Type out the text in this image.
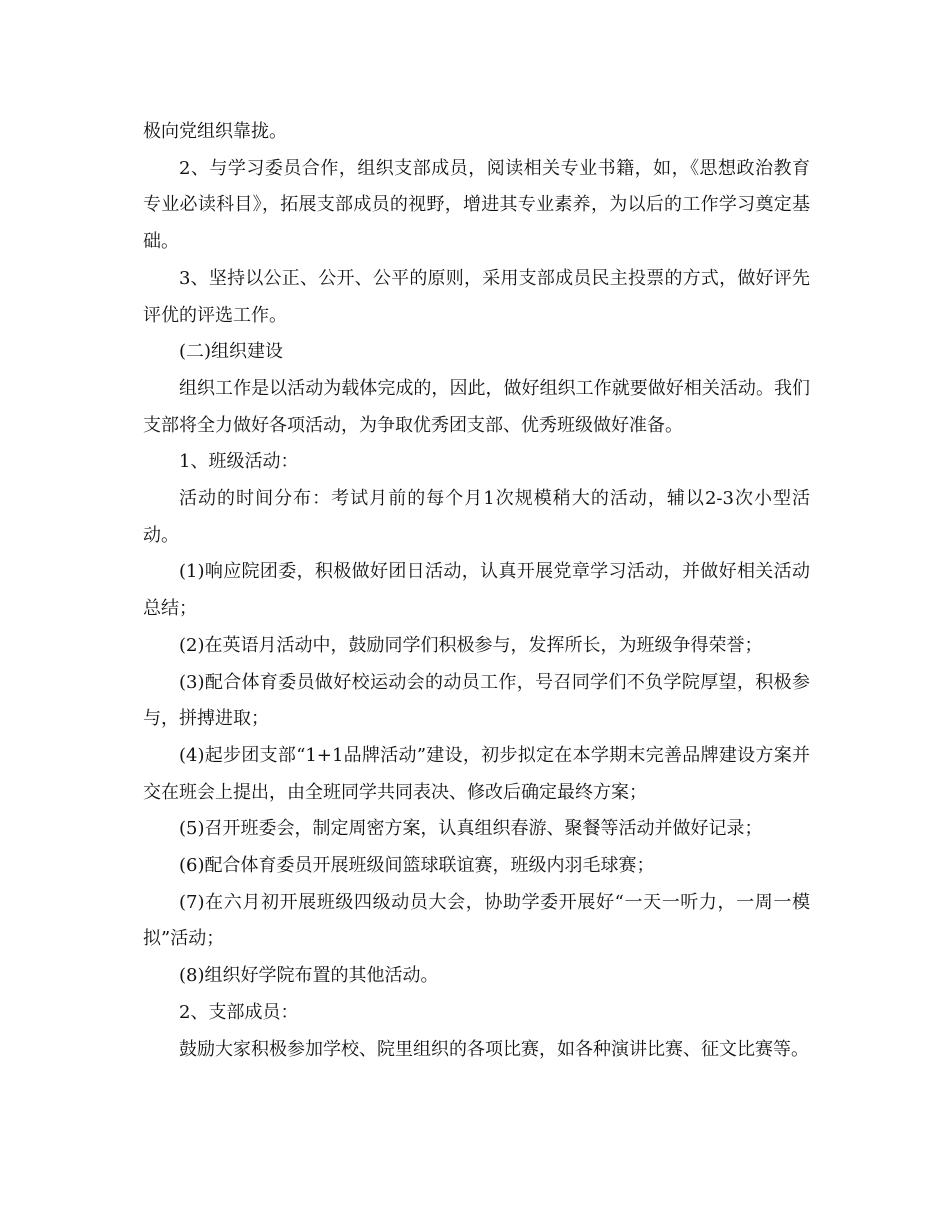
极向党组织靠拢。

2、与学习委员合作，组织支部成员，阅读相关专业书籍，如，《思想政治教育专业必读科目》，拓展支部成员的视野，增进其专业素养，为以后的工作学习奠定基础。

3、坚持以公正、公开、公平的原则，采用支部成员民主投票的方式，做好评先评优的评选工作。

(二)组织建设

组织工作是以活动为载体完成的，因此，做好组织工作就要做好相关活动。我们支部将全力做好各项活动，为争取优秀团支部、优秀班级做好准备。

1、班级活动：

活动的时间分布：考试月前的每个月1次规模稍大的活动，辅以2-3次小型活动。

(1)响应院团委，积极做好团日活动，认真开展党章学习活动，并做好相关活动总结；

(2)在英语月活动中，鼓励同学们积极参与，发挥所长，为班级争得荣誉；

(3)配合体育委员做好校运动会的动员工作，号召同学们不负学院厚望，积极参与，拼搏进取；

(4)起步团支部“1+1品牌活动”建设，初步拟定在本学期末完善品牌建设方案并交在班会上提出，由全班同学共同表决、修改后确定最终方案；

(5)召开班委会，制定周密方案，认真组织春游、聚餐等活动并做好记录；

(6)配合体育委员开展班级间篮球联谊赛，班级内羽毛球赛；

(7)在六月初开展班级四级动员大会，协助学委开展好“一天一听力，一周一模拟”活动；

(8)组织好学院布置的其他活动。

2、支部成员：

鼓励大家积极参加学校、院里组织的各项比赛，如各种演讲比赛、征文比赛等。
